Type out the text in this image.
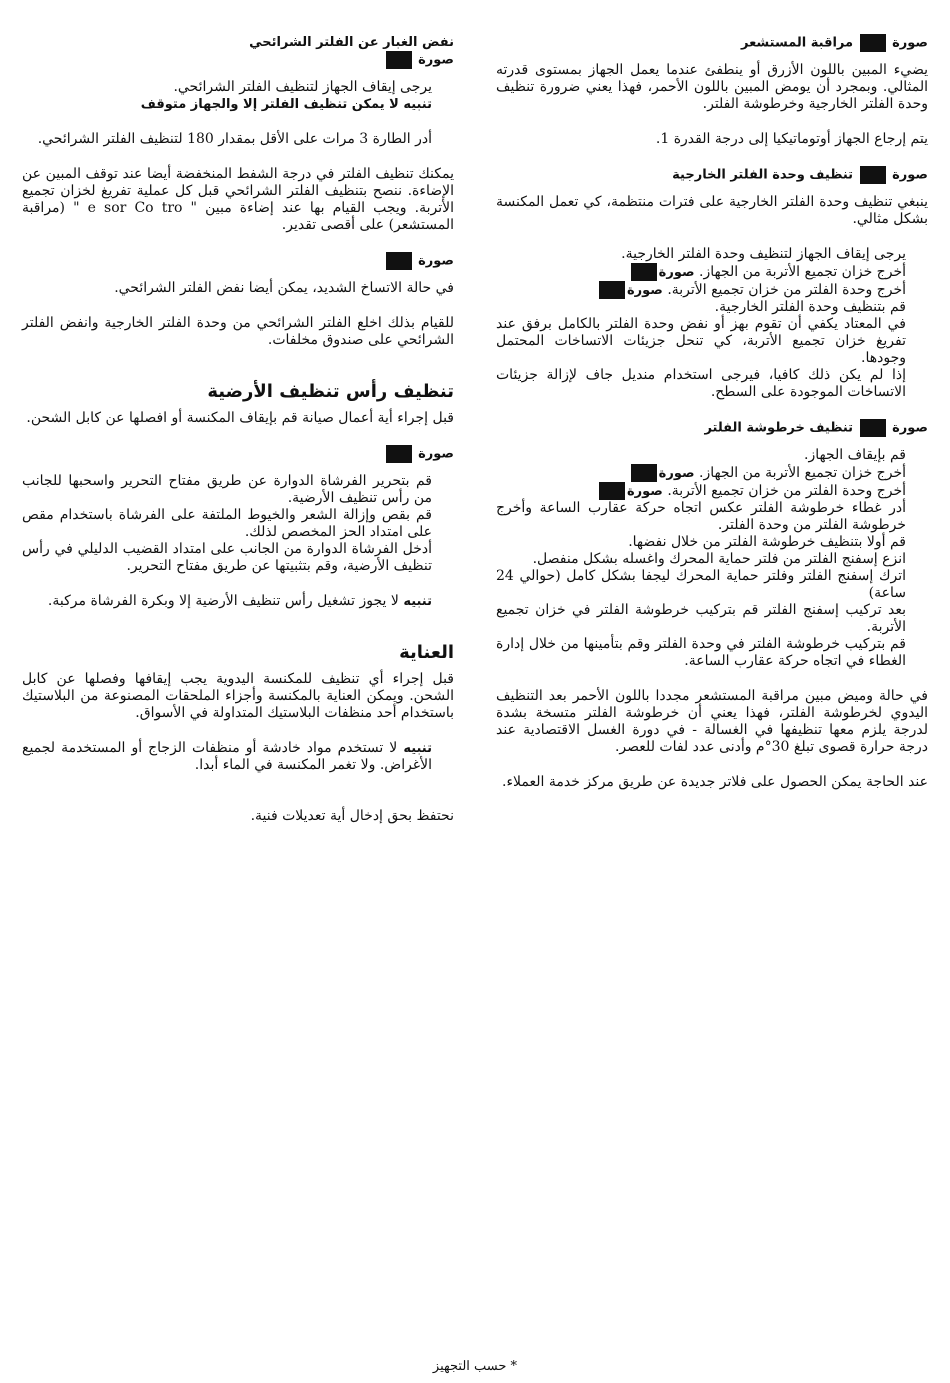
صورة  مراقبة المستشعر

يضيء المبين باللون الأزرق أو ينطفئ عندما يعمل الجهاز بمستوى قدرته المثالي. وبمجرد أن يومض المبين باللون الأحمر، فهذا يعني ضرورة تنظيف وحدة الفلتر الخارجية وخرطوشة الفلتر.

يتم إرجاع الجهاز أوتوماتيكيا إلى درجة القدرة 1.

صورة  تنظيف وحدة الفلتر الخارجية

ينبغي تنظيف وحدة الفلتر الخارجية على فترات منتظمة، كي تعمل المكنسة بشكل مثالي.

يرجى إيقاف الجهاز لتنظيف وحدة الفلتر الخارجية.

أخرج خزان تجميع الأتربة من الجهاز. صورة

أخرج وحدة الفلتر من خزان تجميع الأتربة. صورة

قم بتنظيف وحدة الفلتر الخارجية.

في المعتاد يكفي أن تقوم بهز أو نفض وحدة الفلتر بالكامل برفق عند تفريغ خزان تجميع الأتربة، كي تنحل جزيئات الاتساخات المحتمل وجودها.

إذا لم يكن ذلك كافيا، فيرجى استخدام منديل جاف لإزالة جزيئات الاتساخات الموجودة على السطح.

صورة  تنظيف خرطوشة الفلتر

قم بإيقاف الجهاز.

أخرج خزان تجميع الأتربة من الجهاز. صورة

أخرج وحدة الفلتر من خزان تجميع الأتربة. صورة

أدر غطاء خرطوشة الفلتر عكس اتجاه حركة عقارب الساعة وأخرج خرطوشة الفلتر من وحدة الفلتر.

قم أولا بتنظيف خرطوشة الفلتر من خلال نفضها.

انزع إسفنج الفلتر من فلتر حماية المحرك واغسله بشكل منفصل.

اترك إسفنج الفلتر وفلتر حماية المحرك ليجفا بشكل كامل (حوالي 24 ساعة)

بعد تركيب إسفنج الفلتر قم بتركيب خرطوشة الفلتر في خزان تجميع الأتربة.

قم بتركيب خرطوشة الفلتر في وحدة الفلتر وقم بتأمينها من خلال إدارة الغطاء في اتجاه حركة عقارب الساعة.

في حالة وميض مبين مراقبة المستشعر مجددا باللون الأحمر بعد التنظيف اليدوي لخرطوشة الفلتر، فهذا يعني أن خرطوشة الفلتر متسخة بشدة لدرجة يلزم معها تنظيفها في الغسالة - في دورة الغسل الاقتصادية عند درجة حرارة قصوى تبلغ 30°م وأدنى عدد لفات للعصر.

عند الحاجة يمكن الحصول على فلاتر جديدة عن طريق مركز خدمة العملاء.

نفض الغبار عن الفلتر الشرائحي

صورة

يرجى إيقاف الجهاز لتنظيف الفلتر الشرائحي.

تنبيه لا يمكن تنظيف الفلتر إلا والجهاز متوقف

أدر الطارة 3 مرات على الأقل بمقدار 180 لتنظيف الفلتر الشرائحي.

يمكنك تنظيف الفلتر في درجة الشفط المنخفضة أيضا عند توقف المبين عن الإضاءة. ننصح بتنظيف الفلتر الشرائحي قبل كل عملية تفريغ لخزان تجميع الأتربة. ويجب القيام بها عند إضاءة مبين " e sor Co tro " (مراقبة المستشعر) على أقصى تقدير.

صورة

في حالة الاتساخ الشديد، يمكن أيضا نفض الفلتر الشرائحي.

للقيام بذلك اخلع الفلتر الشرائحي من وحدة الفلتر الخارجية وانفض الفلتر الشرائحي على صندوق مخلفات.

تنظيف رأس تنظيف الأرضية

قبل إجراء أية أعمال صيانة قم بإيقاف المكنسة أو افصلها عن كابل الشحن.

صورة

قم بتحرير الفرشاة الدوارة عن طريق مفتاح التحرير واسحبها للجانب من رأس تنظيف الأرضية.

قم بقص وإزالة الشعر والخيوط الملتفة على الفرشاة باستخدام مقص على امتداد الحز المخصص لذلك.

أدخل الفرشاة الدوارة من الجانب على امتداد القضيب الدليلي في رأس تنظيف الأرضية، وقم بتثبيتها عن طريق مفتاح التحرير.

تنبيه لا يجوز تشغيل رأس تنظيف الأرضية إلا وبكرة الفرشاة مركبة.

العناية

قبل إجراء أي تنظيف للمكنسة اليدوية يجب إيقافها وفصلها عن كابل الشحن. ويمكن العناية بالمكنسة وأجزاء الملحقات المصنوعة من البلاستيك باستخدام أحد منظفات البلاستيك المتداولة في الأسواق.

تنبيه لا تستخدم مواد خادشة أو منظفات الزجاج أو المستخدمة لجميع الأغراض. ولا تغمر المكنسة في الماء أبدا.

نحتفظ بحق إدخال أية تعديلات فنية.

* حسب التجهيز
